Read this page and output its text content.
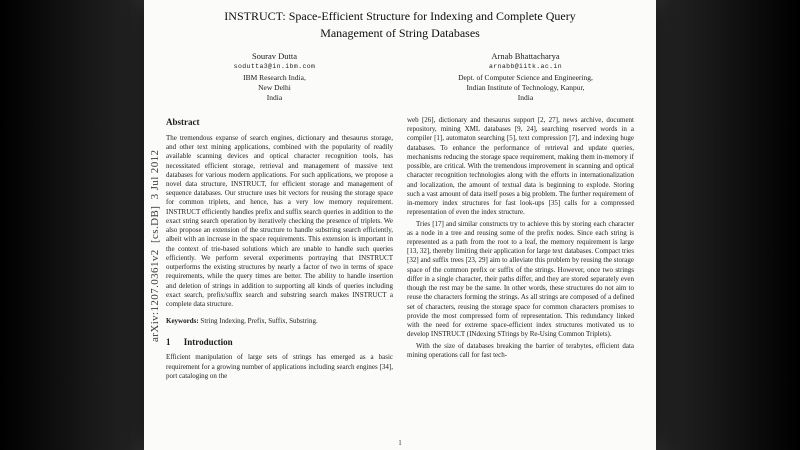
arXiv:1207.0361v2  [cs.DB]  3 Jul 2012
INSTRUCT: Space-Efficient Structure for Indexing and Complete Query Management of String Databases
Sourav Dutta
sodutta3@in.ibm.com
IBM Research India,
New Delhi
India
Arnab Bhattacharya
arnabb@iitk.ac.in
Dept. of Computer Science and Engineering,
Indian Institute of Technology, Kanpur,
India
Abstract

The tremendous expanse of search engines, dictionary and thesaurus storage, and other text mining applications, combined with the popularity of readily available scanning devices and optical character recognition tools, has necessitated efficient storage, retrieval and management of massive text databases for various modern applications. For such applications, we propose a novel data structure, INSTRUCT, for efficient storage and management of sequence databases. Our structure uses bit vectors for reusing the storage space for common triplets, and hence, has a very low memory requirement. INSTRUCT efficiently handles prefix and suffix search queries in addition to the exact string search operation by iteratively checking the presence of triplets. We also propose an extension of the structure to handle substring search efficiently, albeit with an increase in the space requirements. This extension is important in the context of trie-based solutions which are unable to handle such queries efficiently. We perform several experiments portraying that INSTRUCT outperforms the existing structures by nearly a factor of two in terms of space requirements, while the query times are better. The ability to handle insertion and deletion of strings in addition to supporting all kinds of queries including exact search, prefix/suffix search and substring search makes INSTRUCT a complete data structure.

Keywords: String Indexing, Prefix, Suffix, Substring.

1 Introduction

Efficient manipulation of large sets of strings has emerged as a basic requirement for a growing number of applications including search engines [34], port cataloging on the

web [26], dictionary and thesaurus support [2, 27], news archive, document repository, mining XML databases [9, 24], searching reserved words in a compiler [1], automaton searching [5], text compression [7], and indexing huge databases. To enhance the performance of retrieval and update queries, mechanisms reducing the storage space requirement, making them in-memory if possible, are critical. With the tremendous improvement in scanning and optical character recognition technologies along with the efforts in internationalization and localization, the amount of textual data is beginning to explode. Storing such a vast amount of data itself poses a big problem. The further requirement of in-memory index structures for fast look-ups [35] calls for a compressed representation of even the index structure.

Tries [17] and similar constructs try to achieve this by storing each character as a node in a tree and reusing some of the prefix nodes. Since each string is represented as a path from the root to a leaf, the memory requirement is large [13, 32], thereby limiting their application for large text databases. Compact tries [32] and suffix trees [23, 29] aim to alleviate this problem by reusing the storage space of the common prefix or suffix of the strings. However, once two strings differ in a single character, their paths differ, and they are stored separately even though the rest may be the same. In other words, these structures do not aim to reuse the characters forming the strings. As all strings are composed of a defined set of characters, reusing the storage space for common characters promises to provide the most compressed form of representation. This redundancy linked with the need for extreme space-efficient index structures motivated us to develop INSTRUCT (INdexing STrings by Re-Using Common Triplets).

With the size of databases breaking the barrier of terabytes, efficient data mining operations call for fast tech-

1
